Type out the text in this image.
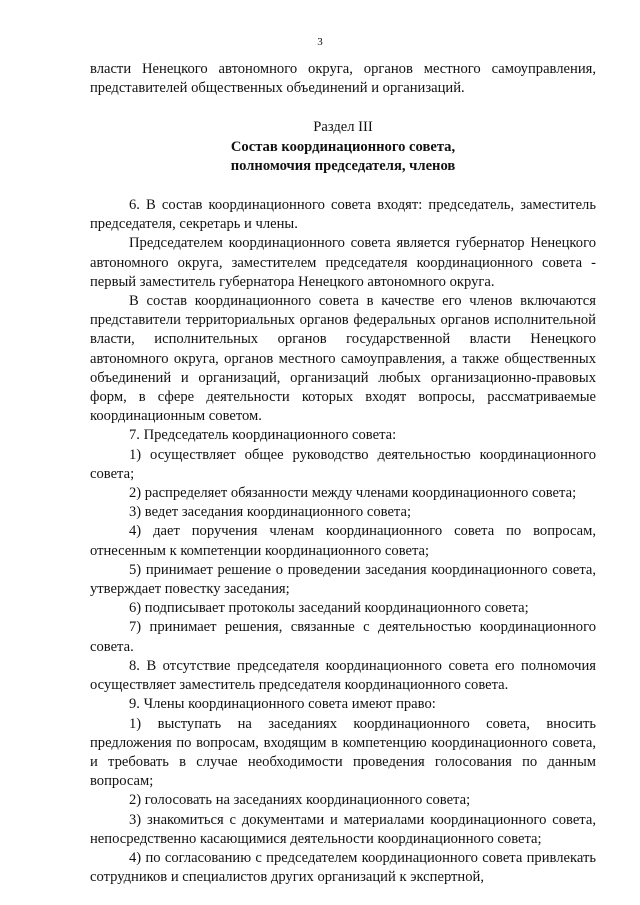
3

власти Ненецкого автономного округа, органов местного самоуправления, представителей общественных объединений и организаций.

Раздел III
Состав координационного совета,
полномочия председателя, членов

6. В состав координационного совета входят: председатель, заместитель председателя, секретарь и члены.

Председателем координационного совета является губернатор Ненецкого автономного округа, заместителем председателя координационного совета - первый заместитель губернатора Ненецкого автономного округа.

В состав координационного совета в качестве его членов включаются представители территориальных органов федеральных органов исполнительной власти, исполнительных органов государственной власти Ненецкого автономного округа, органов местного самоуправления, а также общественных объединений и организаций, организаций любых организационно-правовых форм, в сфере деятельности которых входят вопросы, рассматриваемые координационным советом.

7. Председатель координационного совета:

1) осуществляет общее руководство деятельностью координационного совета;

2) распределяет обязанности между членами координационного совета;

3) ведет заседания координационного совета;

4) дает поручения членам координационного совета по вопросам, отнесенным к компетенции координационного совета;

5) принимает решение о проведении заседания координационного совета, утверждает повестку заседания;

6) подписывает протоколы заседаний координационного совета;

7) принимает решения, связанные с деятельностью координационного совета.

8. В отсутствие председателя координационного совета его полномочия осуществляет заместитель председателя координационного совета.

9. Члены координационного совета имеют право:

1) выступать на заседаниях координационного совета, вносить предложения по вопросам, входящим в компетенцию координационного совета, и требовать в случае необходимости проведения голосования по данным вопросам;

2) голосовать на заседаниях координационного совета;

3) знакомиться с документами и материалами координационного совета, непосредственно касающимися деятельности координационного совета;

4) по согласованию с председателем координационного совета привлекать сотрудников и специалистов других организаций к экспертной,
